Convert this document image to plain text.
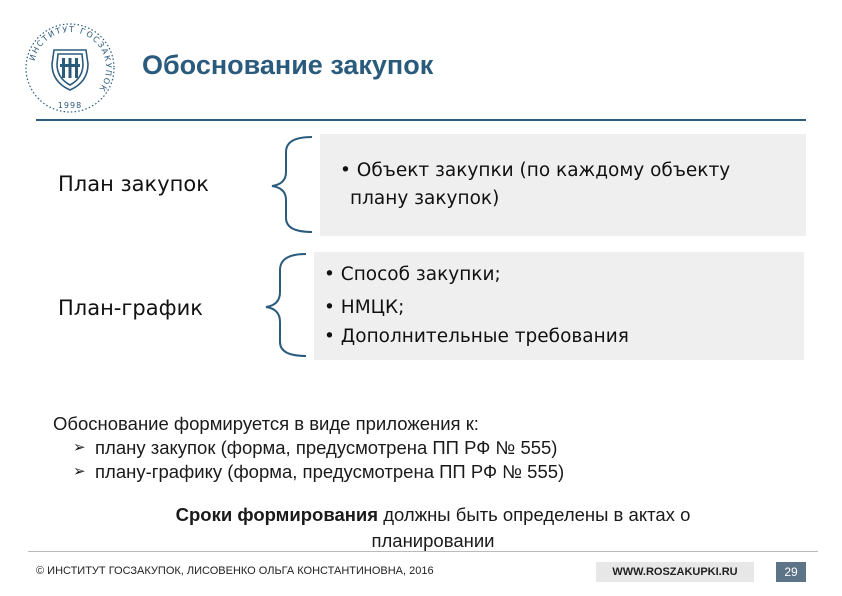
ИНСТИТУТ ГОСЗАКУПОК
1998
Обоснование закупок
План закупок
План-график
• Объект закупки (по каждому объекту
плану закупок)
• Способ закупки;
• НМЦК;
• Дополнительные требования
Обоснование формируется в виде приложения к:
➢ плану закупок (форма, предусмотрена ПП РФ № 555)
➢ плану-графику (форма, предусмотрена ПП РФ № 555)
Сроки формирования должны быть определены в актах о
планировании
© ИНСТИТУТ ГОСЗАКУПОК, ЛИСОВЕНКО ОЛЬГА КОНСТАНТИНОВНА, 2016	WWW.ROSZAKUPKI.RU	29
